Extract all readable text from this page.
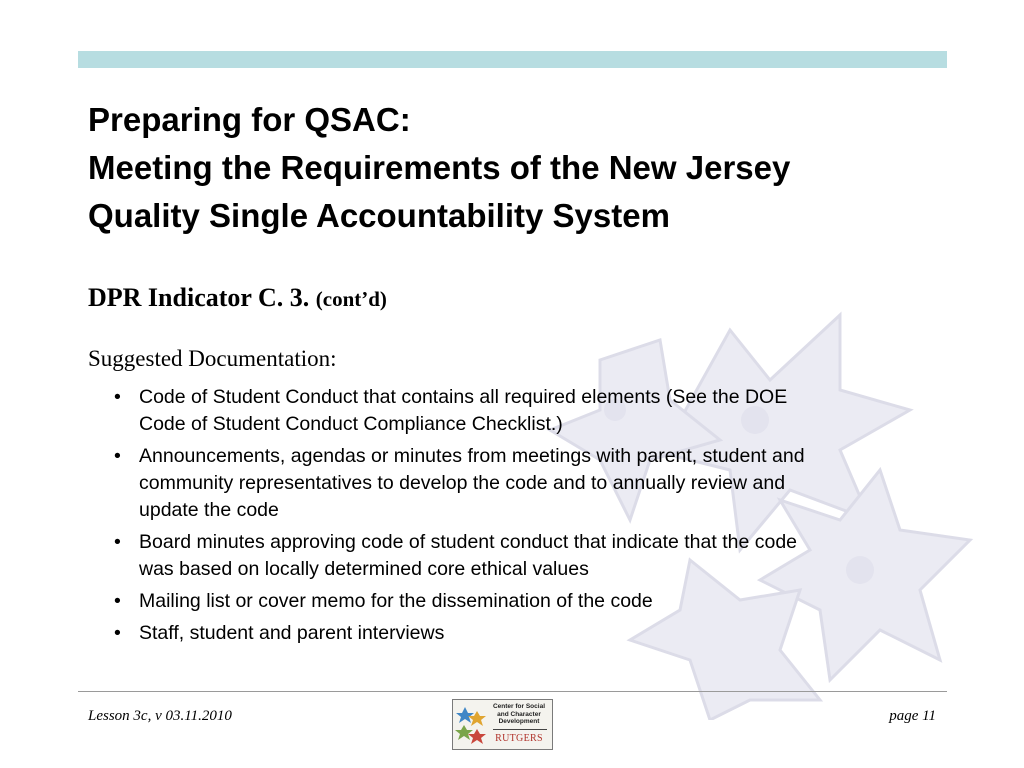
Preparing for QSAC:
Meeting the Requirements of the New Jersey
Quality Single Accountability System
DPR Indicator C. 3. (cont’d)
Suggested Documentation:
• Code of Student Conduct that contains all required elements (See the DOE
Code of Student Conduct Compliance Checklist.)
• Announcements, agendas or minutes from meetings with parent, student and
community representatives to develop the code and to annually review and
update the code
• Board minutes approving code of student conduct that indicate that the code
was based on locally determined core ethical values
• Mailing list or cover memo for the dissemination of the code
• Staff, student and parent interviews
Lesson 3c, v 03.11.2010	page 11
Center for Social and Character Development
RUTGERS
